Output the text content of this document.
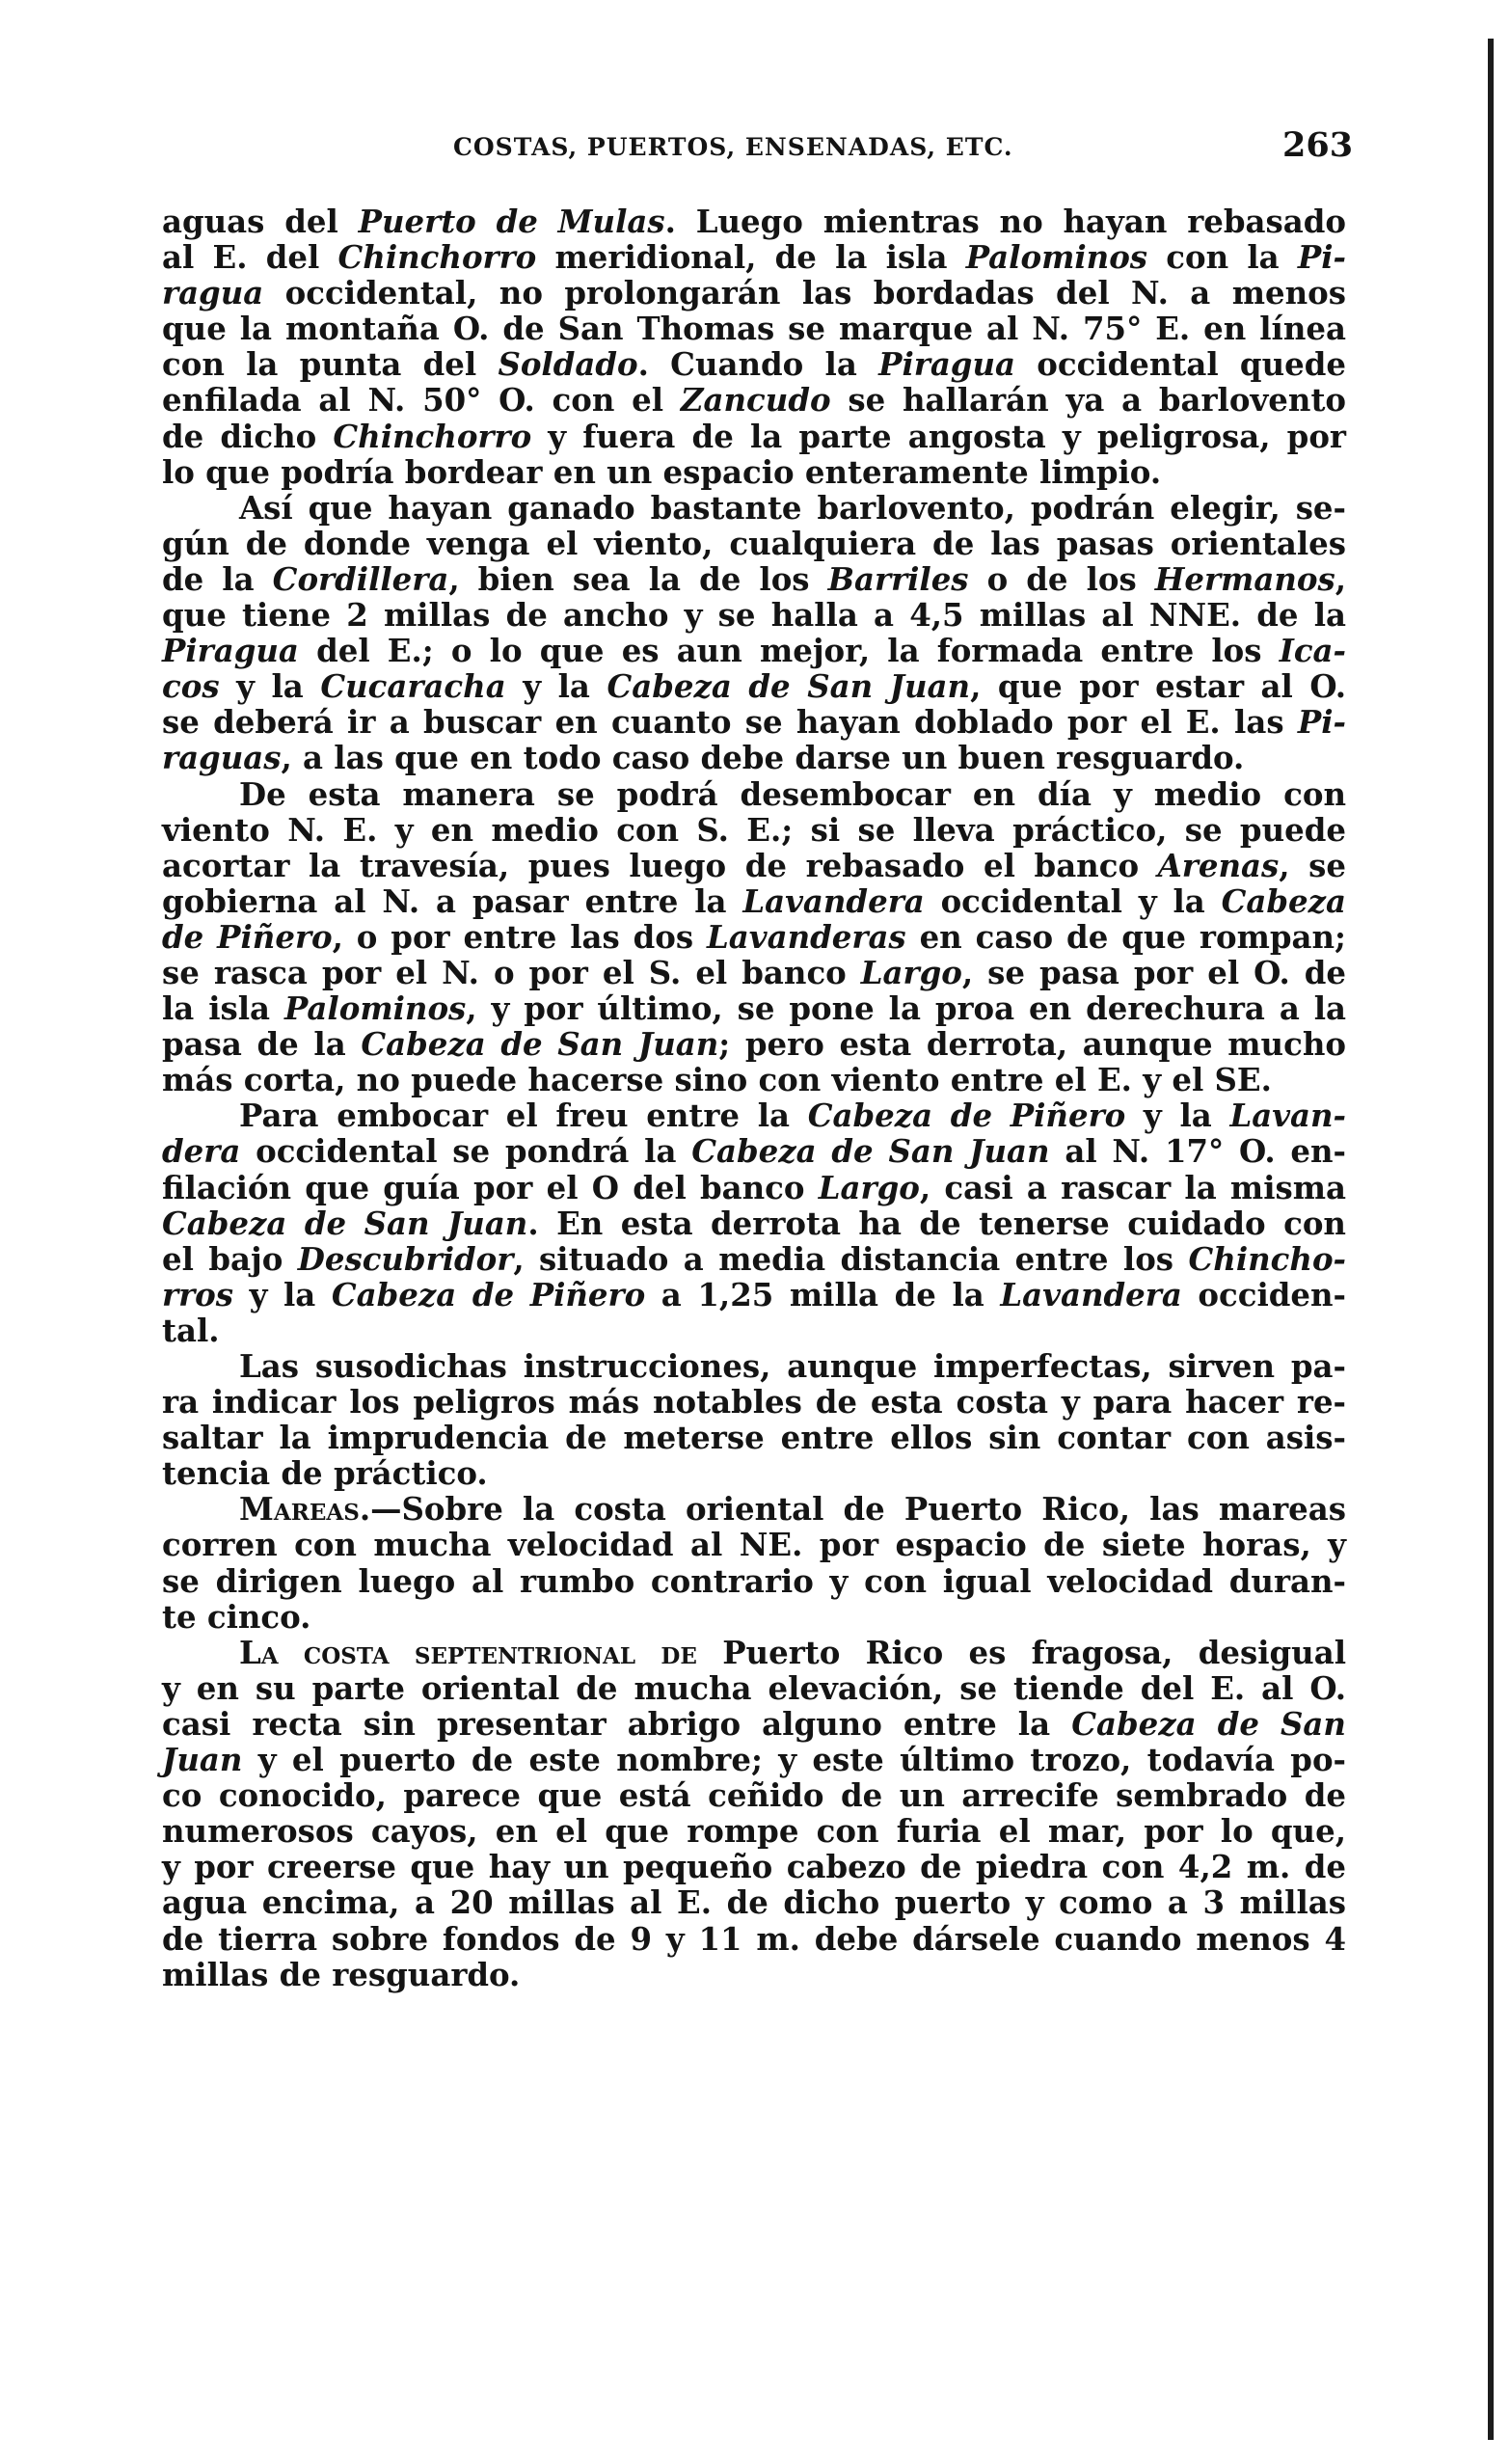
COSTAS, PUERTOS, ENSENADAS, ETC.	263
aguas del Puerto de Mulas. Luego mientras no hayan rebasado
al E. del Chinchorro meridional, de la isla Palominos con la Pi-
ragua occidental, no prolongarán las bordadas del N. a menos
que la montaña O. de San Thomas se marque al N. 75° E. en línea
con la punta del Soldado. Cuando la Piragua occidental quede
enfilada al N. 50° O. con el Zancudo se hallarán ya a barlovento
de dicho Chinchorro y fuera de la parte angosta y peligrosa, por
lo que podría bordear en un espacio enteramente limpio.
Así que hayan ganado bastante barlovento, podrán elegir, se-
gún de donde venga el viento, cualquiera de las pasas orientales
de la Cordillera, bien sea la de los Barriles o de los Hermanos,
que tiene 2 millas de ancho y se halla a 4,5 millas al NNE. de la
Piragua del E.; o lo que es aun mejor, la formada entre los Ica-
cos y la Cucaracha y la Cabeza de San Juan, que por estar al O.
se deberá ir a buscar en cuanto se hayan doblado por el E. las Pi-
raguas, a las que en todo caso debe darse un buen resguardo.
De esta manera se podrá desembocar en día y medio con
viento N. E. y en medio con S. E.; si se lleva práctico, se puede
acortar la travesía, pues luego de rebasado el banco Arenas, se
gobierna al N. a pasar entre la Lavandera occidental y la Cabeza
de Piñero, o por entre las dos Lavanderas en caso de que rompan;
se rasca por el N. o por el S. el banco Largo, se pasa por el O. de
la isla Palominos, y por último, se pone la proa en derechura a la
pasa de la Cabeza de San Juan; pero esta derrota, aunque mucho
más corta, no puede hacerse sino con viento entre el E. y el SE.
Para embocar el freu entre la Cabeza de Piñero y la Lavan-
dera occidental se pondrá la Cabeza de San Juan al N. 17° O. en-
filación que guía por el O del banco Largo, casi a rascar la misma
Cabeza de San Juan. En esta derrota ha de tenerse cuidado con
el bajo Descubridor, situado a media distancia entre los Chincho-
rros y la Cabeza de Piñero a 1,25 milla de la Lavandera occiden-
tal.
Las susodichas instrucciones, aunque imperfectas, sirven pa-
ra indicar los peligros más notables de esta costa y para hacer re-
saltar la imprudencia de meterse entre ellos sin contar con asis-
tencia de práctico.
Mareas.—Sobre la costa oriental de Puerto Rico, las mareas
corren con mucha velocidad al NE. por espacio de siete horas, y
se dirigen luego al rumbo contrario y con igual velocidad duran-
te cinco.
La costa septentrional de Puerto Rico es fragosa, desigual
y en su parte oriental de mucha elevación, se tiende del E. al O.
casi recta sin presentar abrigo alguno entre la Cabeza de San
Juan y el puerto de este nombre; y este último trozo, todavía po-
co conocido, parece que está ceñido de un arrecife sembrado de
numerosos cayos, en el que rompe con furia el mar, por lo que,
y por creerse que hay un pequeño cabezo de piedra con 4,2 m. de
agua encima, a 20 millas al E. de dicho puerto y como a 3 millas
de tierra sobre fondos de 9 y 11 m. debe dársele cuando menos 4
millas de resguardo.
